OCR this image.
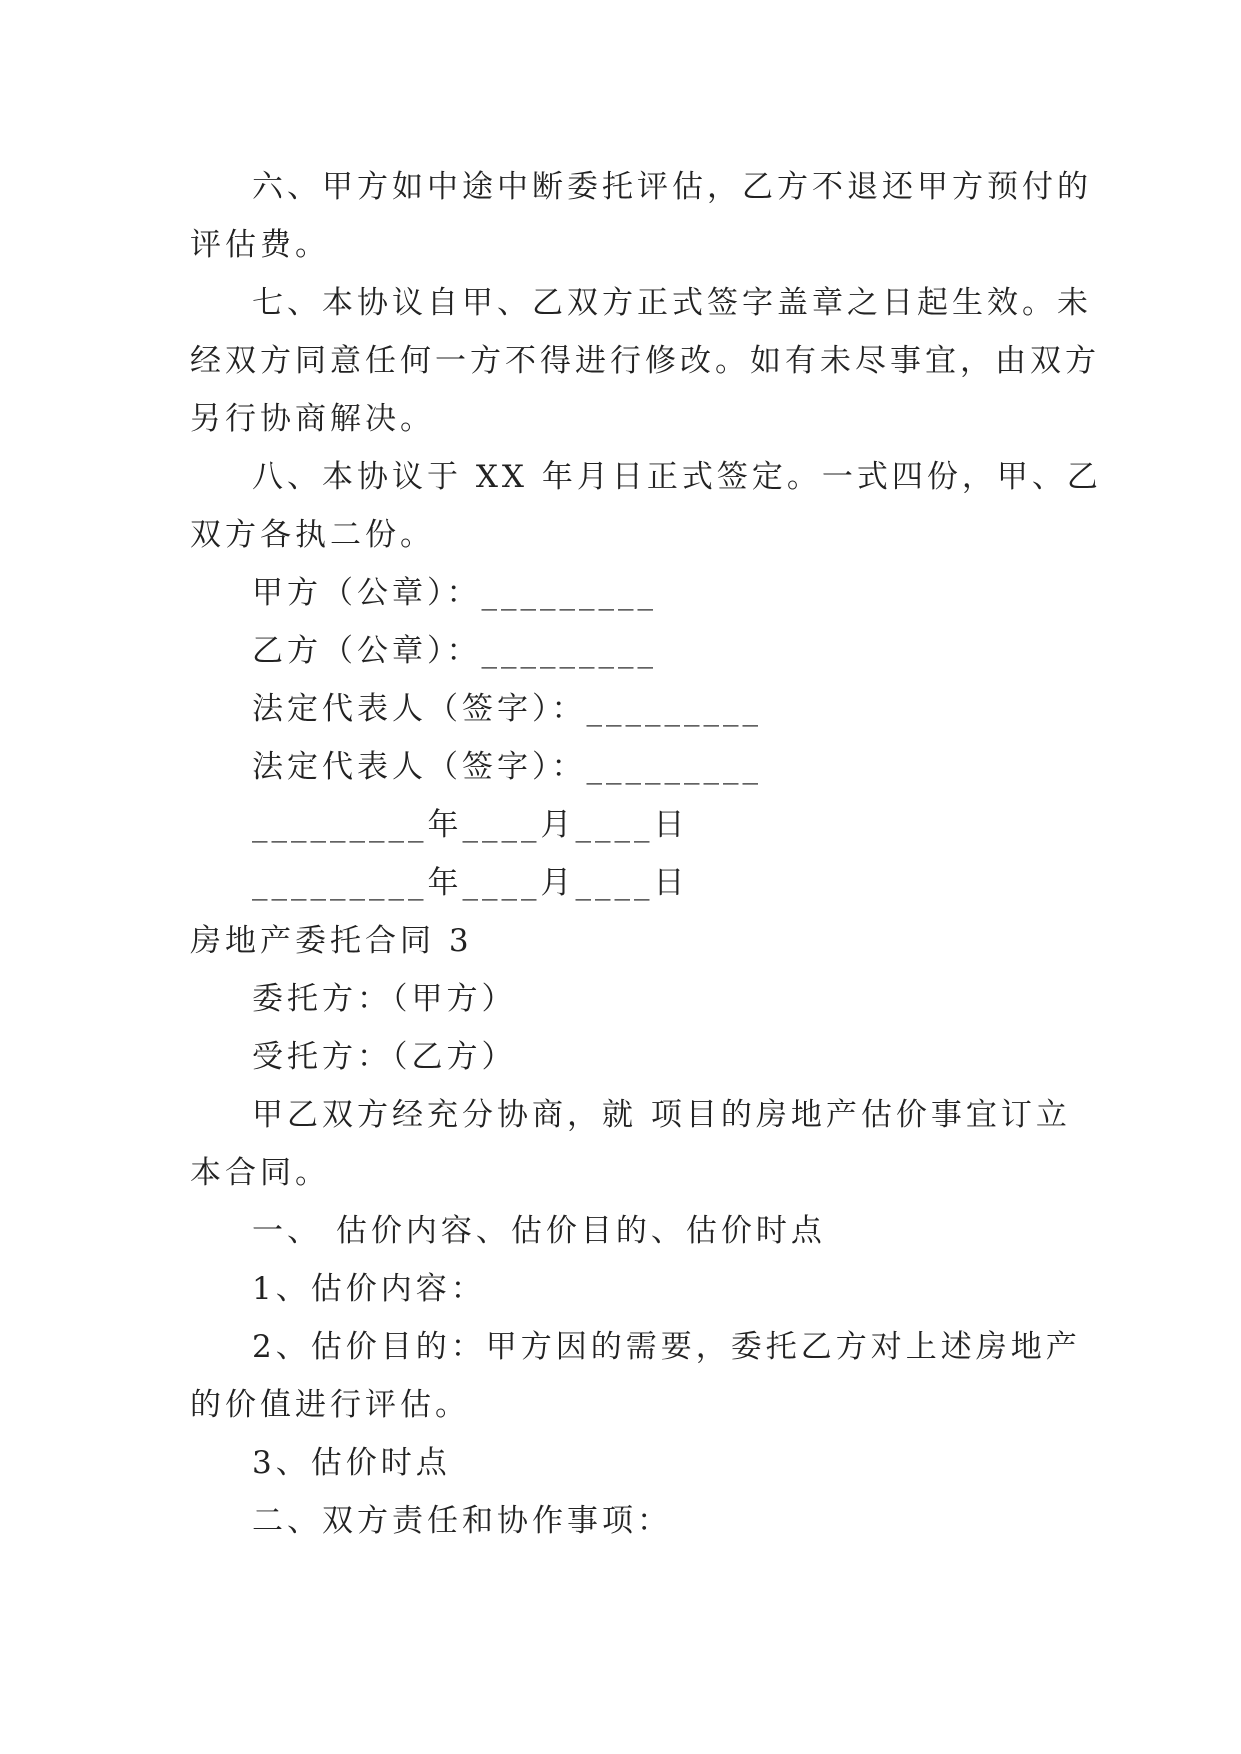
六、甲方如中途中断委托评估，乙方不退还甲方预付的

评估费。

七、本协议自甲、乙双方正式签字盖章之日起生效。未

经双方同意任何一方不得进行修改。如有未尽事宜，由双方

另行协商解决。

八、本协议于 XX 年月日正式签定。一式四份，甲、乙

双方各执二份。

甲方（公章）：_________

乙方（公章）：_________

法定代表人（签字）：_________

法定代表人（签字）：_________

_________年____月____日

_________年____月____日

房地产委托合同 3

委托方：（甲方）

受托方：（乙方）

甲乙双方经充分协商，就 项目的房地产估价事宜订立

本合同。

一、 估价内容、估价目的、估价时点

1、估价内容：

2、估价目的：甲方因的需要，委托乙方对上述房地产

的价值进行评估。

3、估价时点

二、双方责任和协作事项：
